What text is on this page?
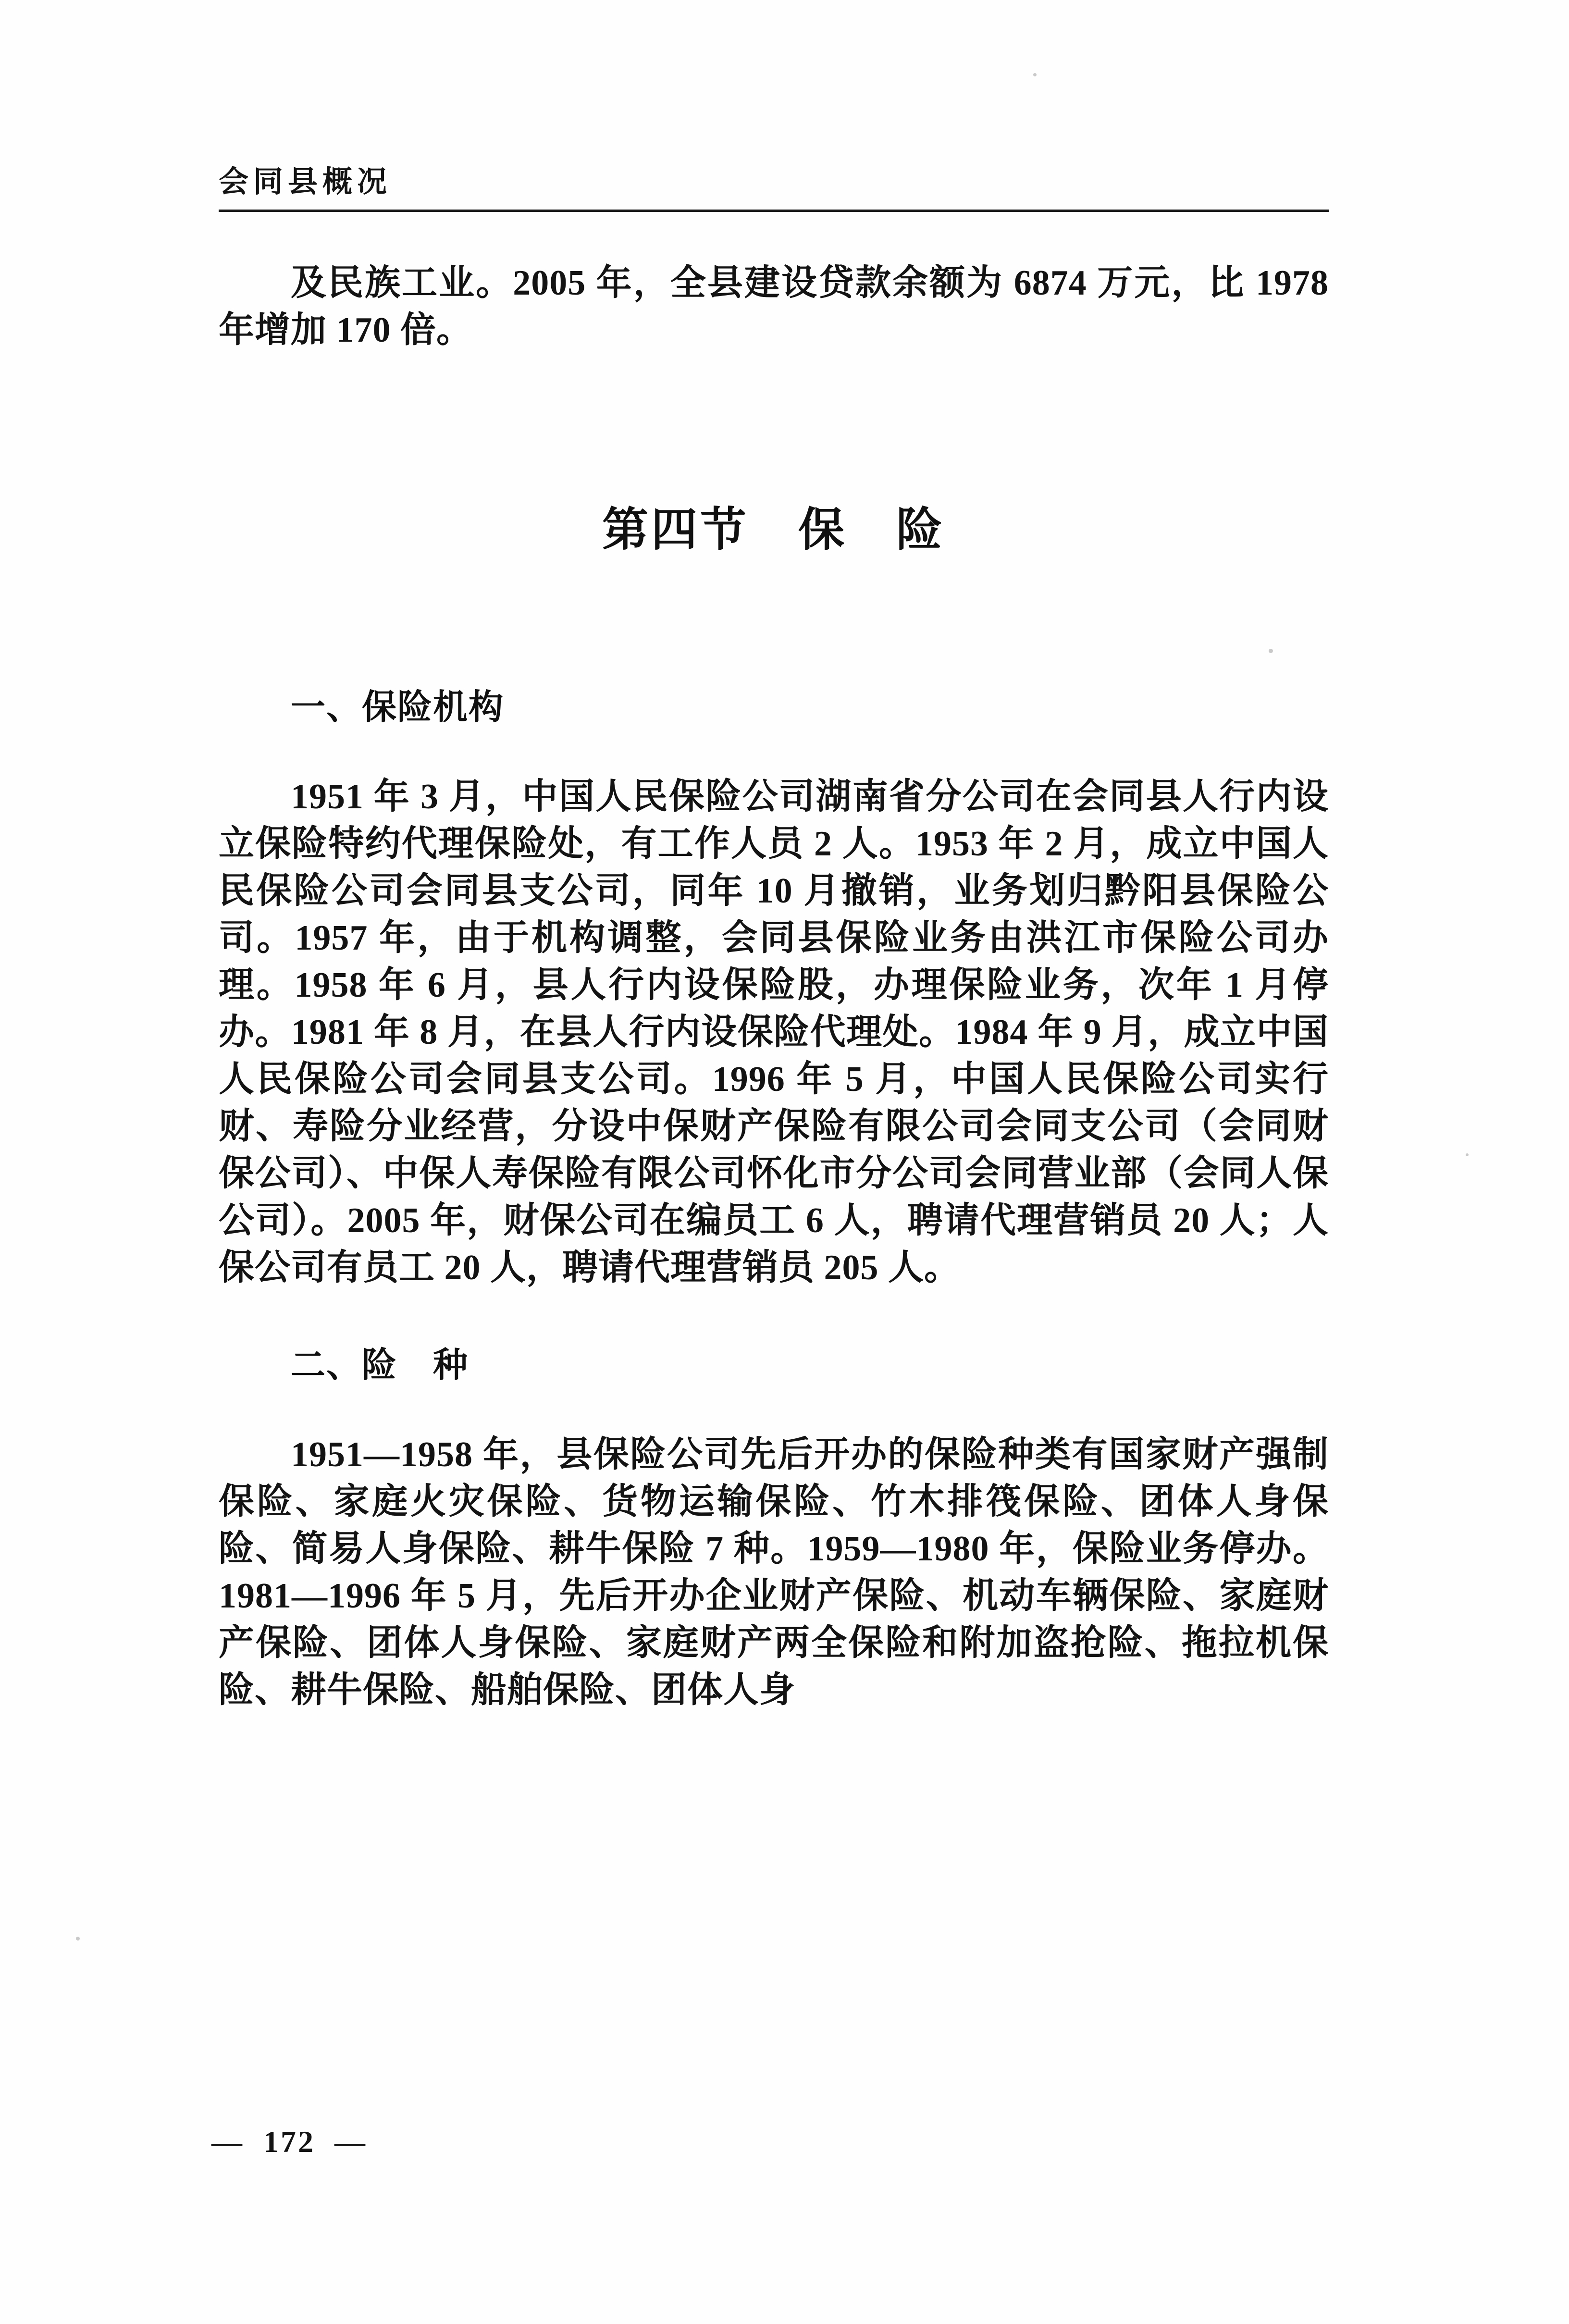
会同县概况

及民族工业。2005 年，全县建设贷款余额为 6874 万元，比 1978 年增加 170 倍。

第四节　保　险
一、保险机构

1951 年 3 月，中国人民保险公司湖南省分公司在会同县人行内设立保险特约代理保险处，有工作人员 2 人。1953 年 2 月，成立中国人民保险公司会同县支公司，同年 10 月撤销，业务划归黔阳县保险公司。1957 年，由于机构调整，会同县保险业务由洪江市保险公司办理。1958 年 6 月，县人行内设保险股，办理保险业务，次年 1 月停办。1981 年 8 月，在县人行内设保险代理处。1984 年 9 月，成立中国人民保险公司会同县支公司。1996 年 5 月，中国人民保险公司实行财、寿险分业经营，分设中保财产保险有限公司会同支公司（会同财保公司）、中保人寿保险有限公司怀化市分公司会同营业部（会同人保公司）。2005 年，财保公司在编员工 6 人，聘请代理营销员 20 人；人保公司有员工 20 人，聘请代理营销员 205 人。

二、险　种

1951—1958 年，县保险公司先后开办的保险种类有国家财产强制保险、家庭火灾保险、货物运输保险、竹木排筏保险、团体人身保险、简易人身保险、耕牛保险 7 种。1959—1980 年，保险业务停办。1981—1996 年 5 月，先后开办企业财产保险、机动车辆保险、家庭财产保险、团体人身保险、家庭财产两全保险和附加盗抢险、拖拉机保险、耕牛保险、船舶保险、团体人身

—  172  —
